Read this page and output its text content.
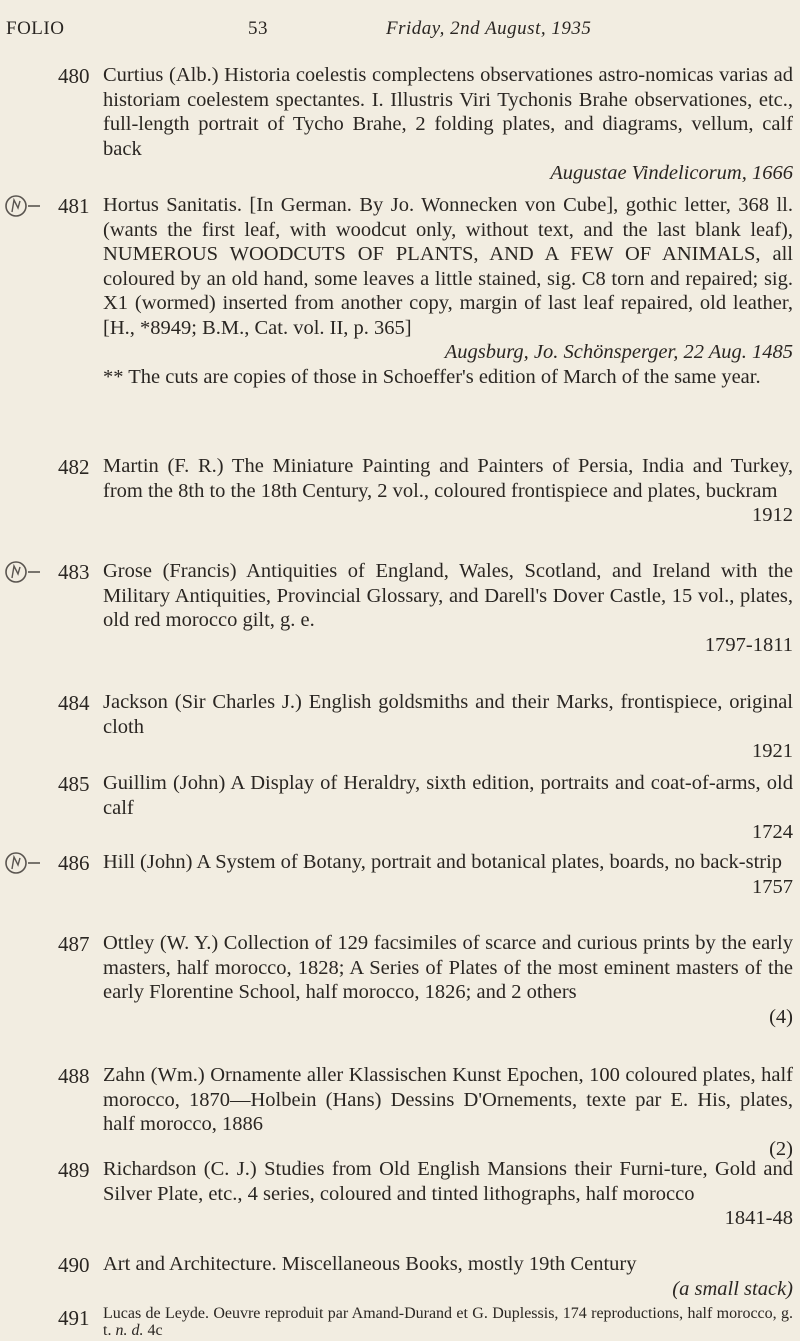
FOLIO	53	Friday, 2nd August, 1935
480 Curtius (Alb.) Historia coelestis complectens observationes astro-nomicas varias ad historiam coelestem spectantes. I. Illustris Viri Tychonis Brahe observationes, etc., full-length portrait of Tycho Brahe, 2 folding plates, and diagrams, vellum, calf back

Augustae Vindelicorum, 1666

481 Hortus Sanitatis. [In German. By Jo. Wonnecken von Cube], gothic letter, 368 ll. (wants the first leaf, with woodcut only, without text, and the last blank leaf), NUMEROUS WOODCUTS OF PLANTS, AND A FEW OF ANIMALS, all coloured by an old hand, some leaves a little stained, sig. C8 torn and repaired; sig. X1 (wormed) inserted from another copy, margin of last leaf repaired, old leather, [H., *8949; B.M., Cat. vol. II, p. 365]

Augsburg, Jo. Schönsperger, 22 Aug. 1485

** The cuts are copies of those in Schoeffer's edition of March of the same year.

482 Martin (F. R.) The Miniature Painting and Painters of Persia, India and Turkey, from the 8th to the 18th Century, 2 vol., coloured frontispiece and plates, buckram

1912

483 Grose (Francis) Antiquities of England, Wales, Scotland, and Ireland with the Military Antiquities, Provincial Glossary, and Darell's Dover Castle, 15 vol., plates, old red morocco gilt, g. e.

1797-1811

484 Jackson (Sir Charles J.) English goldsmiths and their Marks, frontispiece, original cloth

1921

485 Guillim (John) A Display of Heraldry, sixth edition, portraits and coat-of-arms, old calf

1724

486 Hill (John) A System of Botany, portrait and botanical plates, boards, no back-strip

1757

487 Ottley (W. Y.) Collection of 129 facsimiles of scarce and curious prints by the early masters, half morocco, 1828; A Series of Plates of the most eminent masters of the early Florentine School, half morocco, 1826; and 2 others

(4)

488 Zahn (Wm.) Ornamente aller Klassischen Kunst Epochen, 100 coloured plates, half morocco, 1870—Holbein (Hans) Dessins D'Ornements, texte par E. His, plates, half morocco, 1886

(2)

489 Richardson (C. J.) Studies from Old English Mansions their Furni-ture, Gold and Silver Plate, etc., 4 series, coloured and tinted lithographs, half morocco

1841-48

490 Art and Architecture. Miscellaneous Books, mostly 19th Century

(a small stack)

491 Lucas de Leyde. Oeuvre reproduit par Amand-Durand et G. Duplessis, 174 reproductions, half morocco, g. t. n. d. 4c
